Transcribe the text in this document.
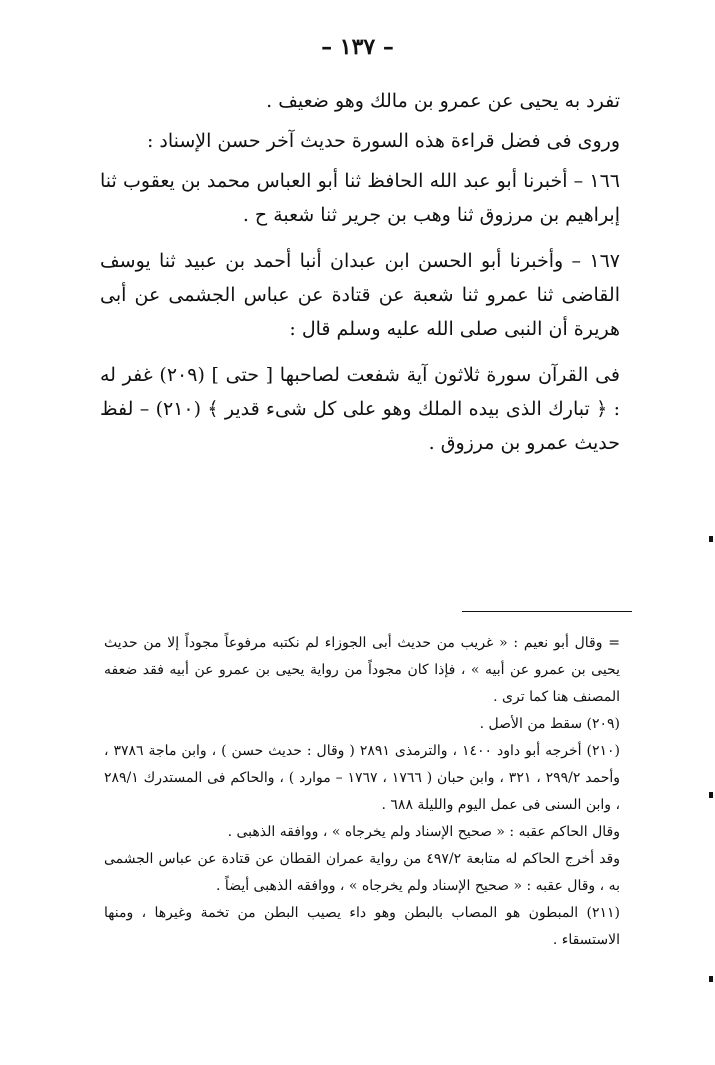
– ١٣٧ –

تفرد به يحيى عن عمرو بن مالك وهو ضعيف .

وروى فى فضل قراءة هذه السورة حديث آخر حسن الإسناد :

١٦٦ – أخبرنا أبو عبد الله الحافظ ثنا أبو العباس محمد بن يعقوب ثنا إبراهيم بن مرزوق ثنا وهب بن جرير ثنا شعبة ح .

١٦٧ – وأخبرنا أبو الحسن ابن عبدان أنبا أحمد بن عبيد ثنا يوسف القاضى ثنا عمرو ثنا شعبة عن قتادة عن عباس الجشمى عن أبى هريرة أن النبى صلى الله عليه وسلم قال :

فى القرآن سورة ثلاثون آية شفعت لصاحبها [ حتى ] (٢٠٩) غفر له : ﴿ تبارك الذى بيده الملك وهو على كل شىء قدير ﴾ (٢١٠) – لفظ حديث عمرو بن مرزوق .

= وقال أبو نعيم : « غريب من حديث أبى الجوزاء لم نكتبه مرفوعاً مجوداً إلا من حديث يحيى بن عمرو عن أبيه » ، فإذا كان مجوداً من رواية يحيى بن عمرو عن أبيه فقد ضعفه المصنف هنا كما ترى .

(٢٠٩) سقط من الأصل .

(٢١٠) أخرجه أبو داود ١٤٠٠ ، والترمذى ٢٨٩١ ( وقال : حديث حسن ) ، وابن ماجة ٣٧٨٦ ، وأحمد ٢٩٩/٢ ، ٣٢١ ، وابن حبان ( ١٧٦٦ ، ١٧٦٧ – موارد ) ، والحاكم فى المستدرك ٢٨٩/١ ، وابن السنى فى عمل اليوم والليلة ٦٨٨ .

وقال الحاكم عقبه : « صحيح الإسناد ولم يخرجاه » ، ووافقه الذهبى .

وقد أخرج الحاكم له متابعة ٤٩٧/٢ من رواية عمران القطان عن قتادة عن عباس الجشمى به ، وقال عقبه : « صحيح الإسناد ولم يخرجاه » ، ووافقه الذهبى أيضاً .

(٢١١) المبطون هو المصاب بالبطن وهو داء يصيب البطن من تخمة وغيرها ، ومنها الاستسقاء .
